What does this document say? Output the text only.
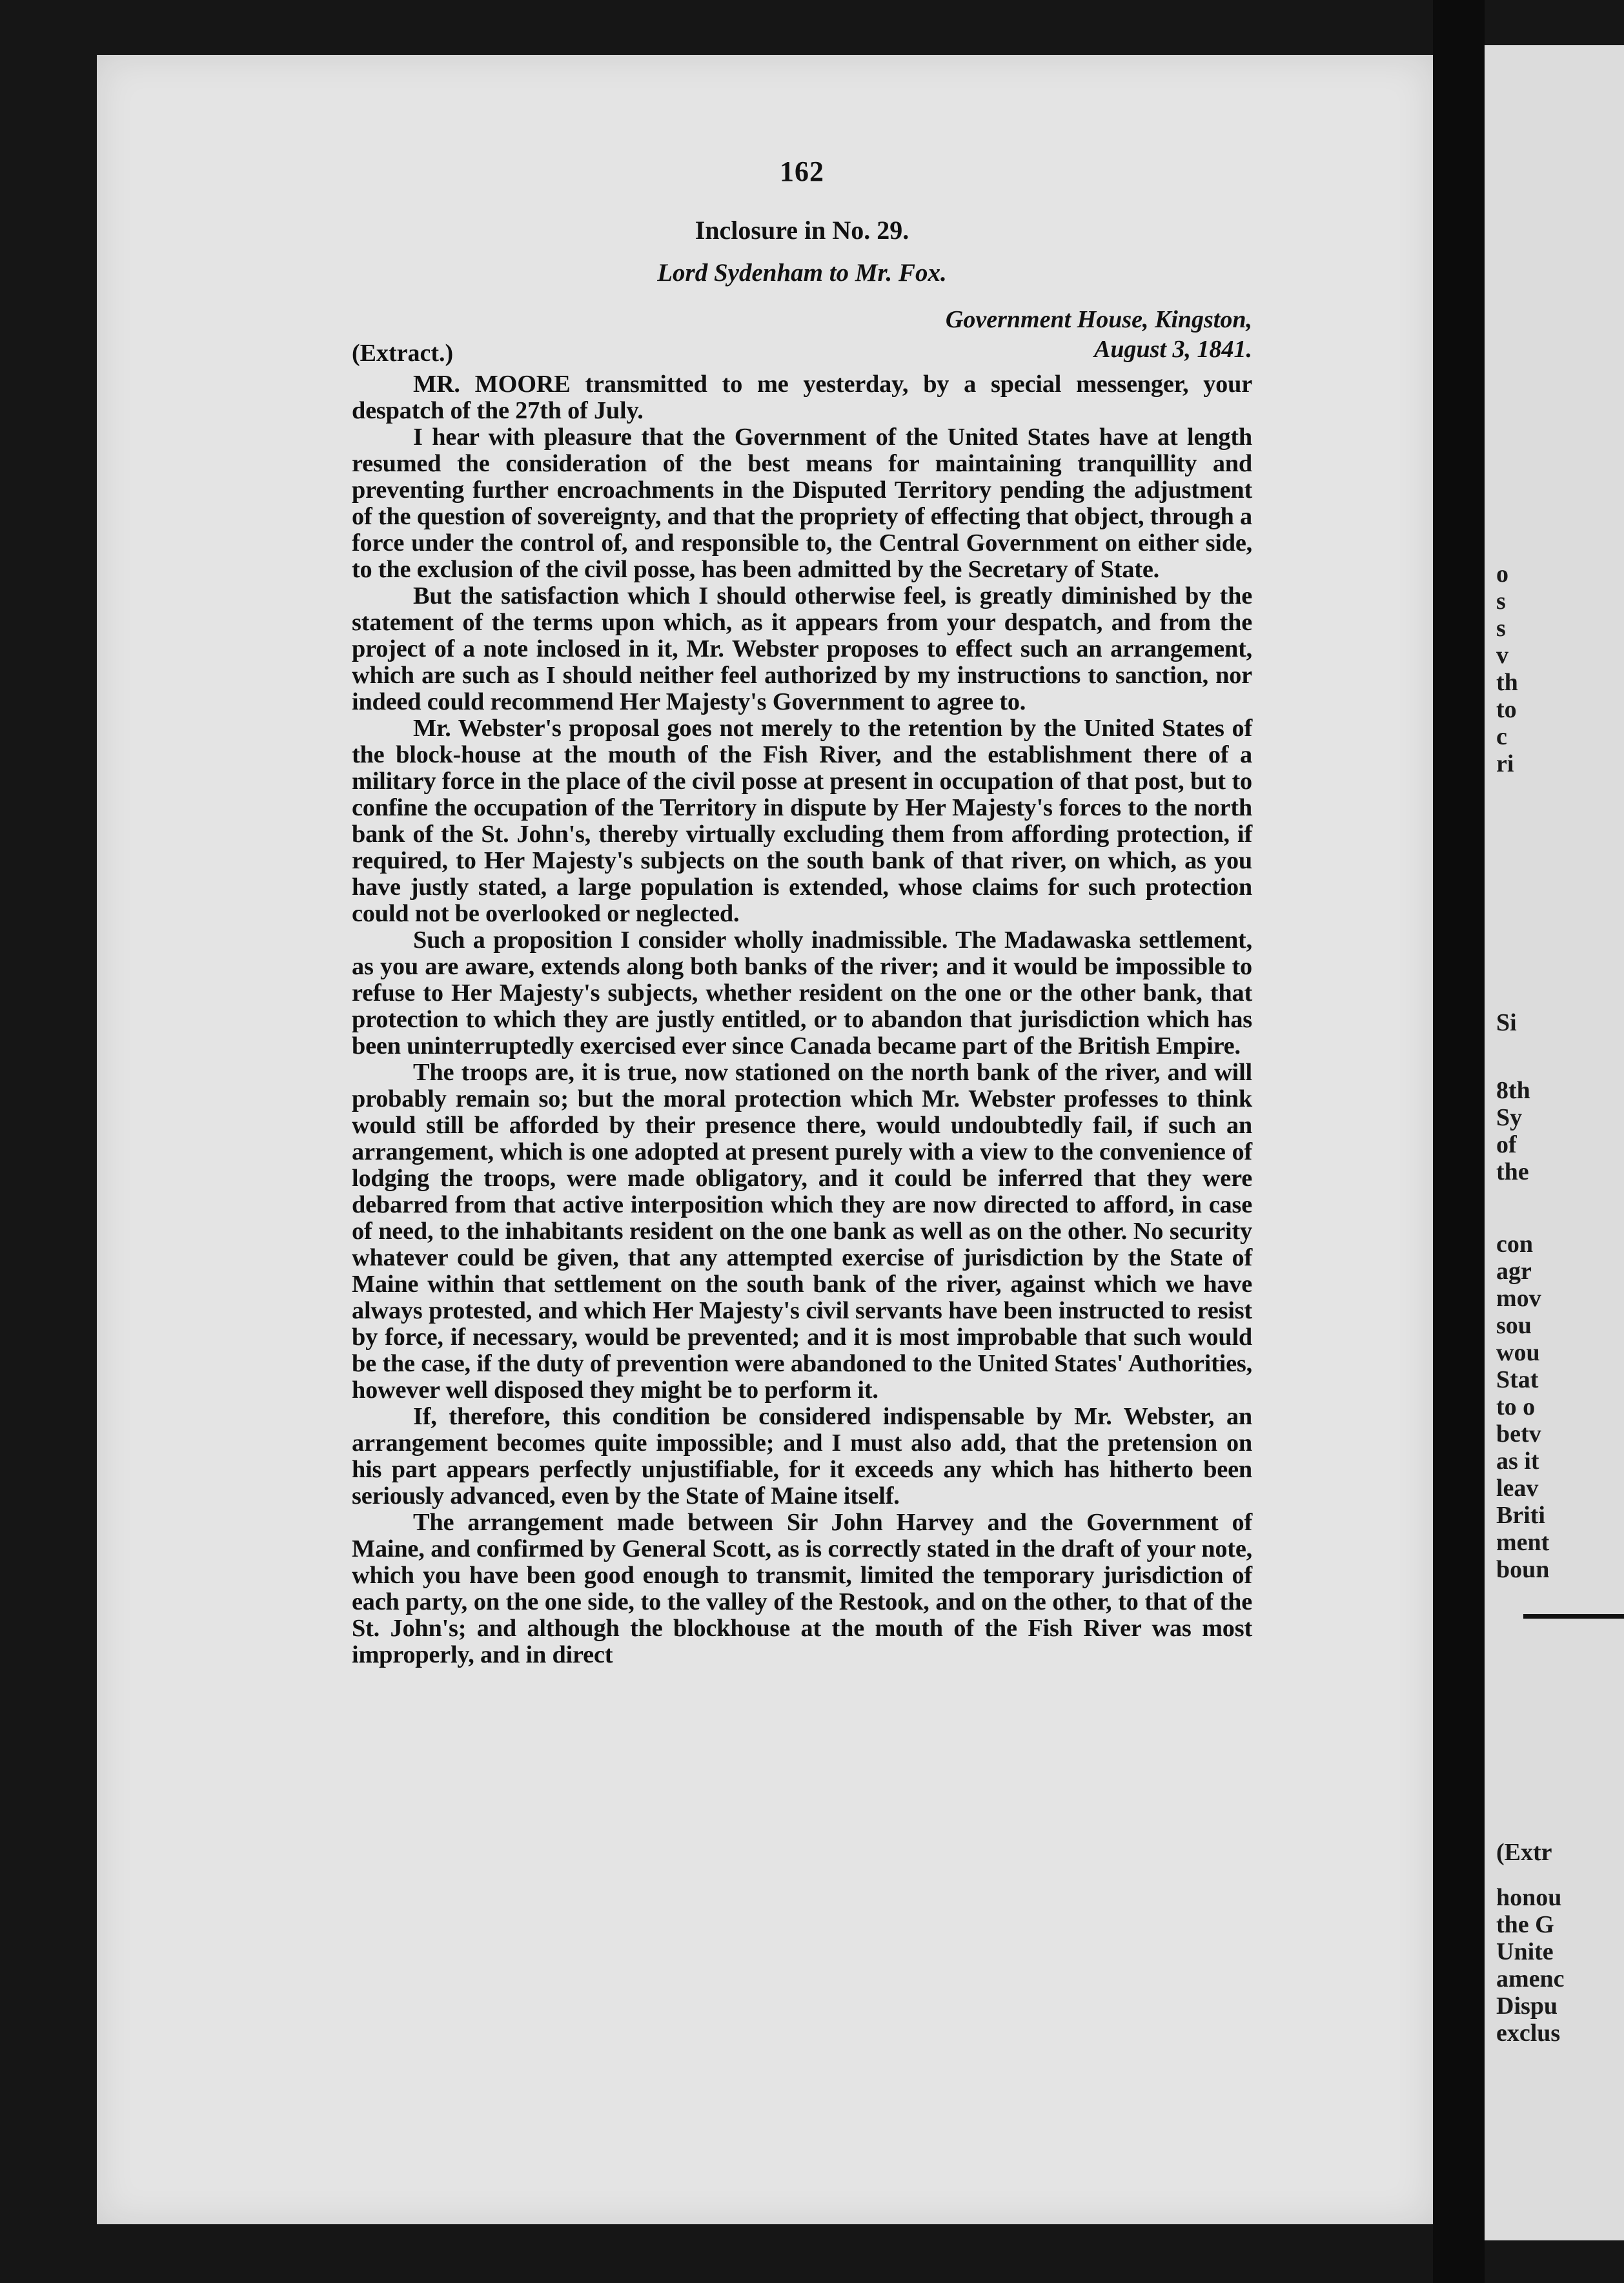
162
Inclosure in No. 29.
Lord Sydenham to Mr. Fox.
Government House, Kingston,
August 3, 1841.
(Extract.)

MR. MOORE transmitted to me yesterday, by a special messenger, your despatch of the 27th of July.

I hear with pleasure that the Government of the United States have at length resumed the consideration of the best means for maintaining tranquillity and preventing further encroachments in the Disputed Territory pending the adjustment of the question of sovereignty, and that the propriety of effecting that object, through a force under the control of, and responsible to, the Central Government on either side, to the exclusion of the civil posse, has been admitted by the Secretary of State.

But the satisfaction which I should otherwise feel, is greatly diminished by the statement of the terms upon which, as it appears from your despatch, and from the project of a note inclosed in it, Mr. Webster proposes to effect such an arrangement, which are such as I should neither feel authorized by my instructions to sanction, nor indeed could recommend Her Majesty's Government to agree to.

Mr. Webster's proposal goes not merely to the retention by the United States of the block-house at the mouth of the Fish River, and the establishment there of a military force in the place of the civil posse at present in occupation of that post, but to confine the occupation of the Territory in dispute by Her Majesty's forces to the north bank of the St. John's, thereby virtually excluding them from affording protection, if required, to Her Majesty's subjects on the south bank of that river, on which, as you have justly stated, a large population is extended, whose claims for such protection could not be overlooked or neglected.

Such a proposition I consider wholly inadmissible. The Madawaska settlement, as you are aware, extends along both banks of the river; and it would be impossible to refuse to Her Majesty's subjects, whether resident on the one or the other bank, that protection to which they are justly entitled, or to abandon that jurisdiction which has been uninterruptedly exercised ever since Canada became part of the British Empire.

The troops are, it is true, now stationed on the north bank of the river, and will probably remain so; but the moral protection which Mr. Webster professes to think would still be afforded by their presence there, would undoubtedly fail, if such an arrangement, which is one adopted at present purely with a view to the convenience of lodging the troops, were made obligatory, and it could be inferred that they were debarred from that active interposition which they are now directed to afford, in case of need, to the inhabitants resident on the one bank as well as on the other. No security whatever could be given, that any attempted exercise of jurisdiction by the State of Maine within that settlement on the south bank of the river, against which we have always protested, and which Her Majesty's civil servants have been instructed to resist by force, if necessary, would be prevented; and it is most improbable that such would be the case, if the duty of prevention were abandoned to the United States' Authorities, however well disposed they might be to perform it.

If, therefore, this condition be considered indispensable by Mr. Webster, an arrangement becomes quite impossible; and I must also add, that the pretension on his part appears perfectly unjustifiable, for it exceeds any which has hitherto been seriously advanced, even by the State of Maine itself.

The arrangement made between Sir John Harvey and the Government of Maine, and confirmed by General Scott, as is correctly stated in the draft of your note, which you have been good enough to transmit, limited the temporary jurisdiction of each party, on the one side, to the valley of the Restook, and on the other, to that of the St. John's; and although the blockhouse at the mouth of the Fish River was most improperly, and in direct

o
s
s
v
th
to
c
ri
Si
8th
Sy
of
the
con
agr
mov
sou
wou
Stat
to o
betv
as it
leav
Briti
ment
boun
(Extr
honou
the G
Unite
amenc
Dispu
exclus
